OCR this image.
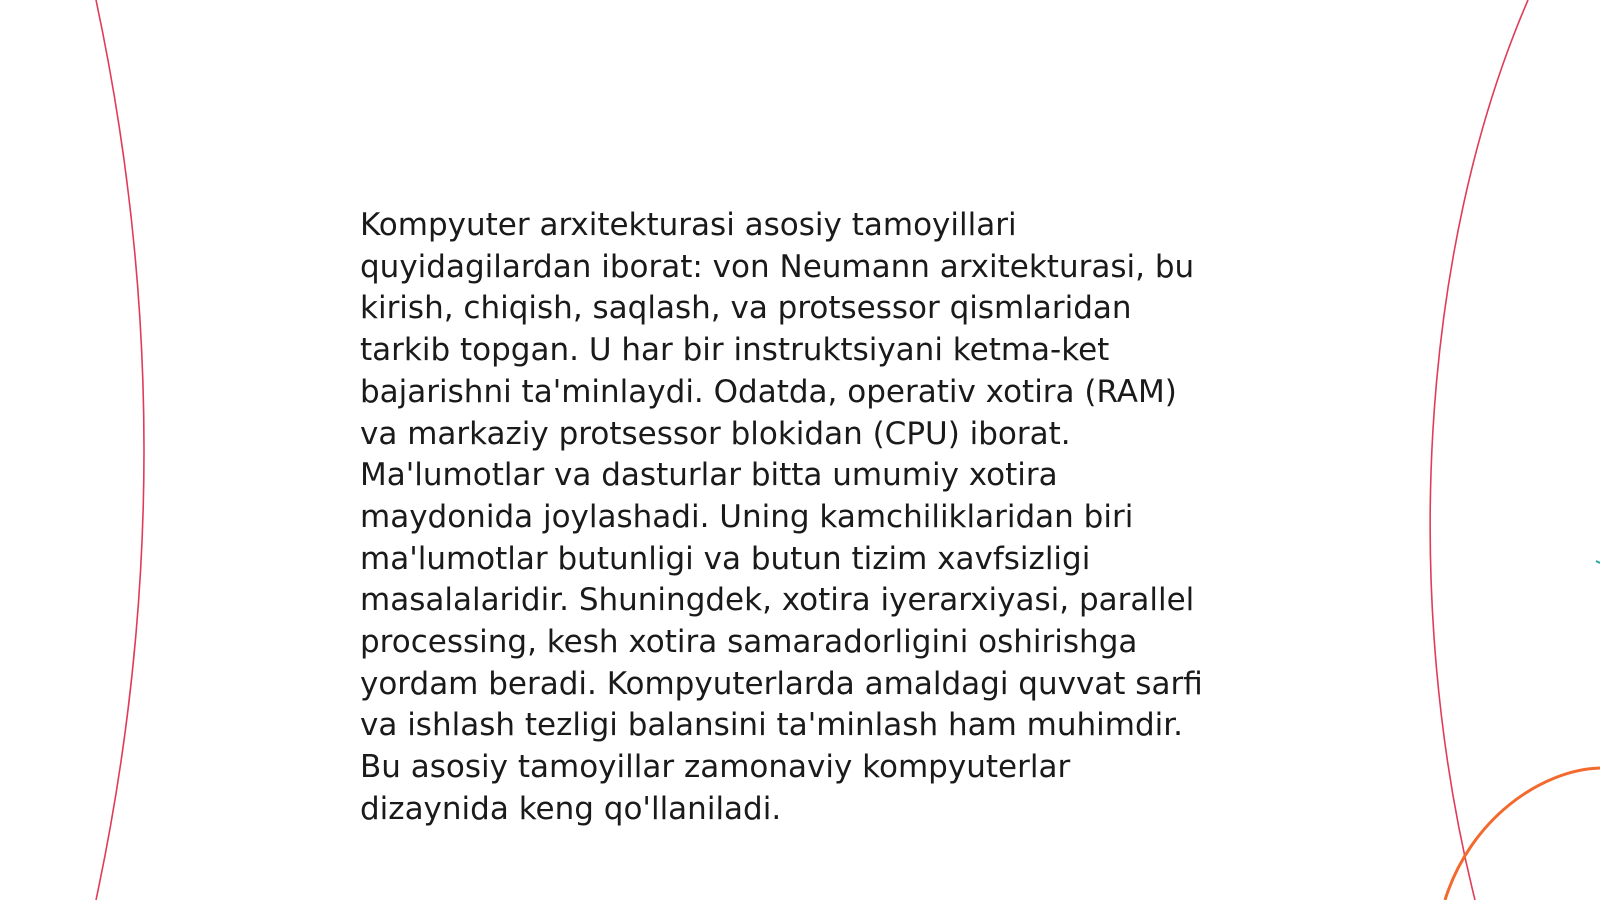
Kompyuter arxitekturasi asosiy tamoyillari
quyidagilardan iborat: von Neumann arxitekturasi, bu
kirish, chiqish, saqlash, va protsessor qismlaridan
tarkib topgan. U har bir instruktsiyani ketma-ket
bajarishni ta'minlaydi. Odatda, operativ xotira (RAM)
va markaziy protsessor blokidan (CPU) iborat.
Ma'lumotlar va dasturlar bitta umumiy xotira
maydonida joylashadi. Uning kamchiliklaridan biri
ma'lumotlar butunligi va butun tizim xavfsizligi
masalalaridir. Shuningdek, xotira iyerarxiyasi, parallel
processing, kesh xotira samaradorligini oshirishga
yordam beradi. Kompyuterlarda amaldagi quvvat sarfi
va ishlash tezligi balansini ta'minlash ham muhimdir.
Bu asosiy tamoyillar zamonaviy kompyuterlar
dizaynida keng qo'llaniladi.
